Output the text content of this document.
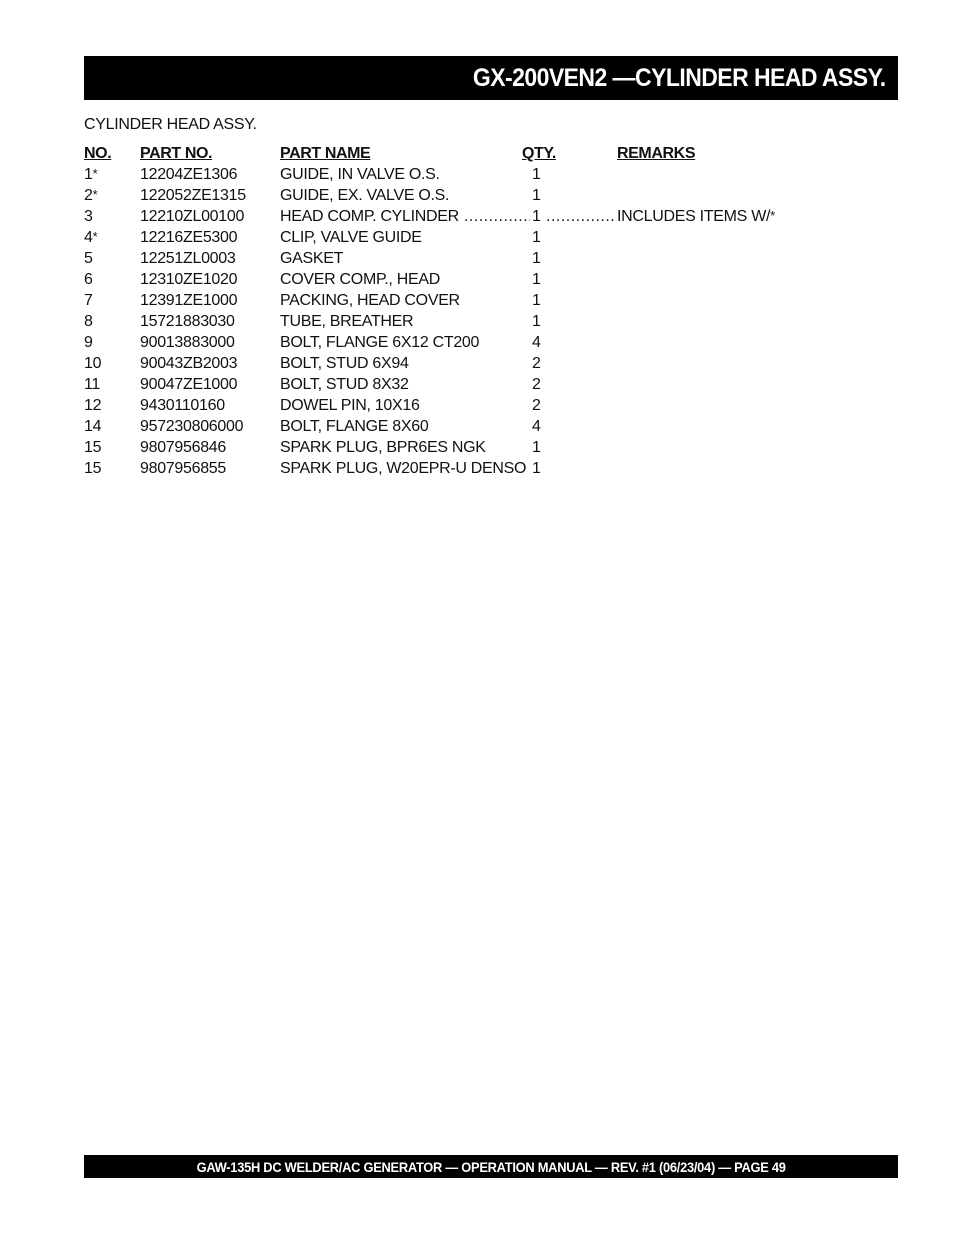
GX-200VEN2 —CYLINDER HEAD ASSY.
CYLINDER HEAD ASSY.
NO. PART NO.	PART NAME	QTY.	REMARKS
1*	12204ZE1306	GUIDE, IN VALVE O.S.	1
2*	122052ZE1315 GUIDE, EX. VALVE O.S.	1
3	12210ZL00100 HEAD COMP. CYLINDER .....	1
.....	INCLUDES ITEMS W/*
4*	12216ZE5300	CLIP, VALVE GUIDE	1
5	12251ZL0003	GASKET	1
6	12310ZE1020	COVER COMP., HEAD	1
7	12391ZE1000	PACKING, HEAD COVER	1
8	15721883030	TUBE, BREATHER	1
9	90013883000	BOLT, FLANGE 6X12 CT200	4
10 90043ZB2003	BOLT, STUD 6X94	2
11 90047ZE1000	BOLT, STUD 8X32	2
12 9430110160	DOWEL PIN, 10X16	2
14 957230806000 BOLT, FLANGE 8X60	4
15 9807956846	SPARK PLUG, BPR6ES NGK	1
15 9807956855	SPARK PLUG, W20EPR-U DENSO 1
GAW-135H DC WELDER/AC GENERATOR — OPERATION MANUAL — REV. #1 (06/23/04) — PAGE 49
